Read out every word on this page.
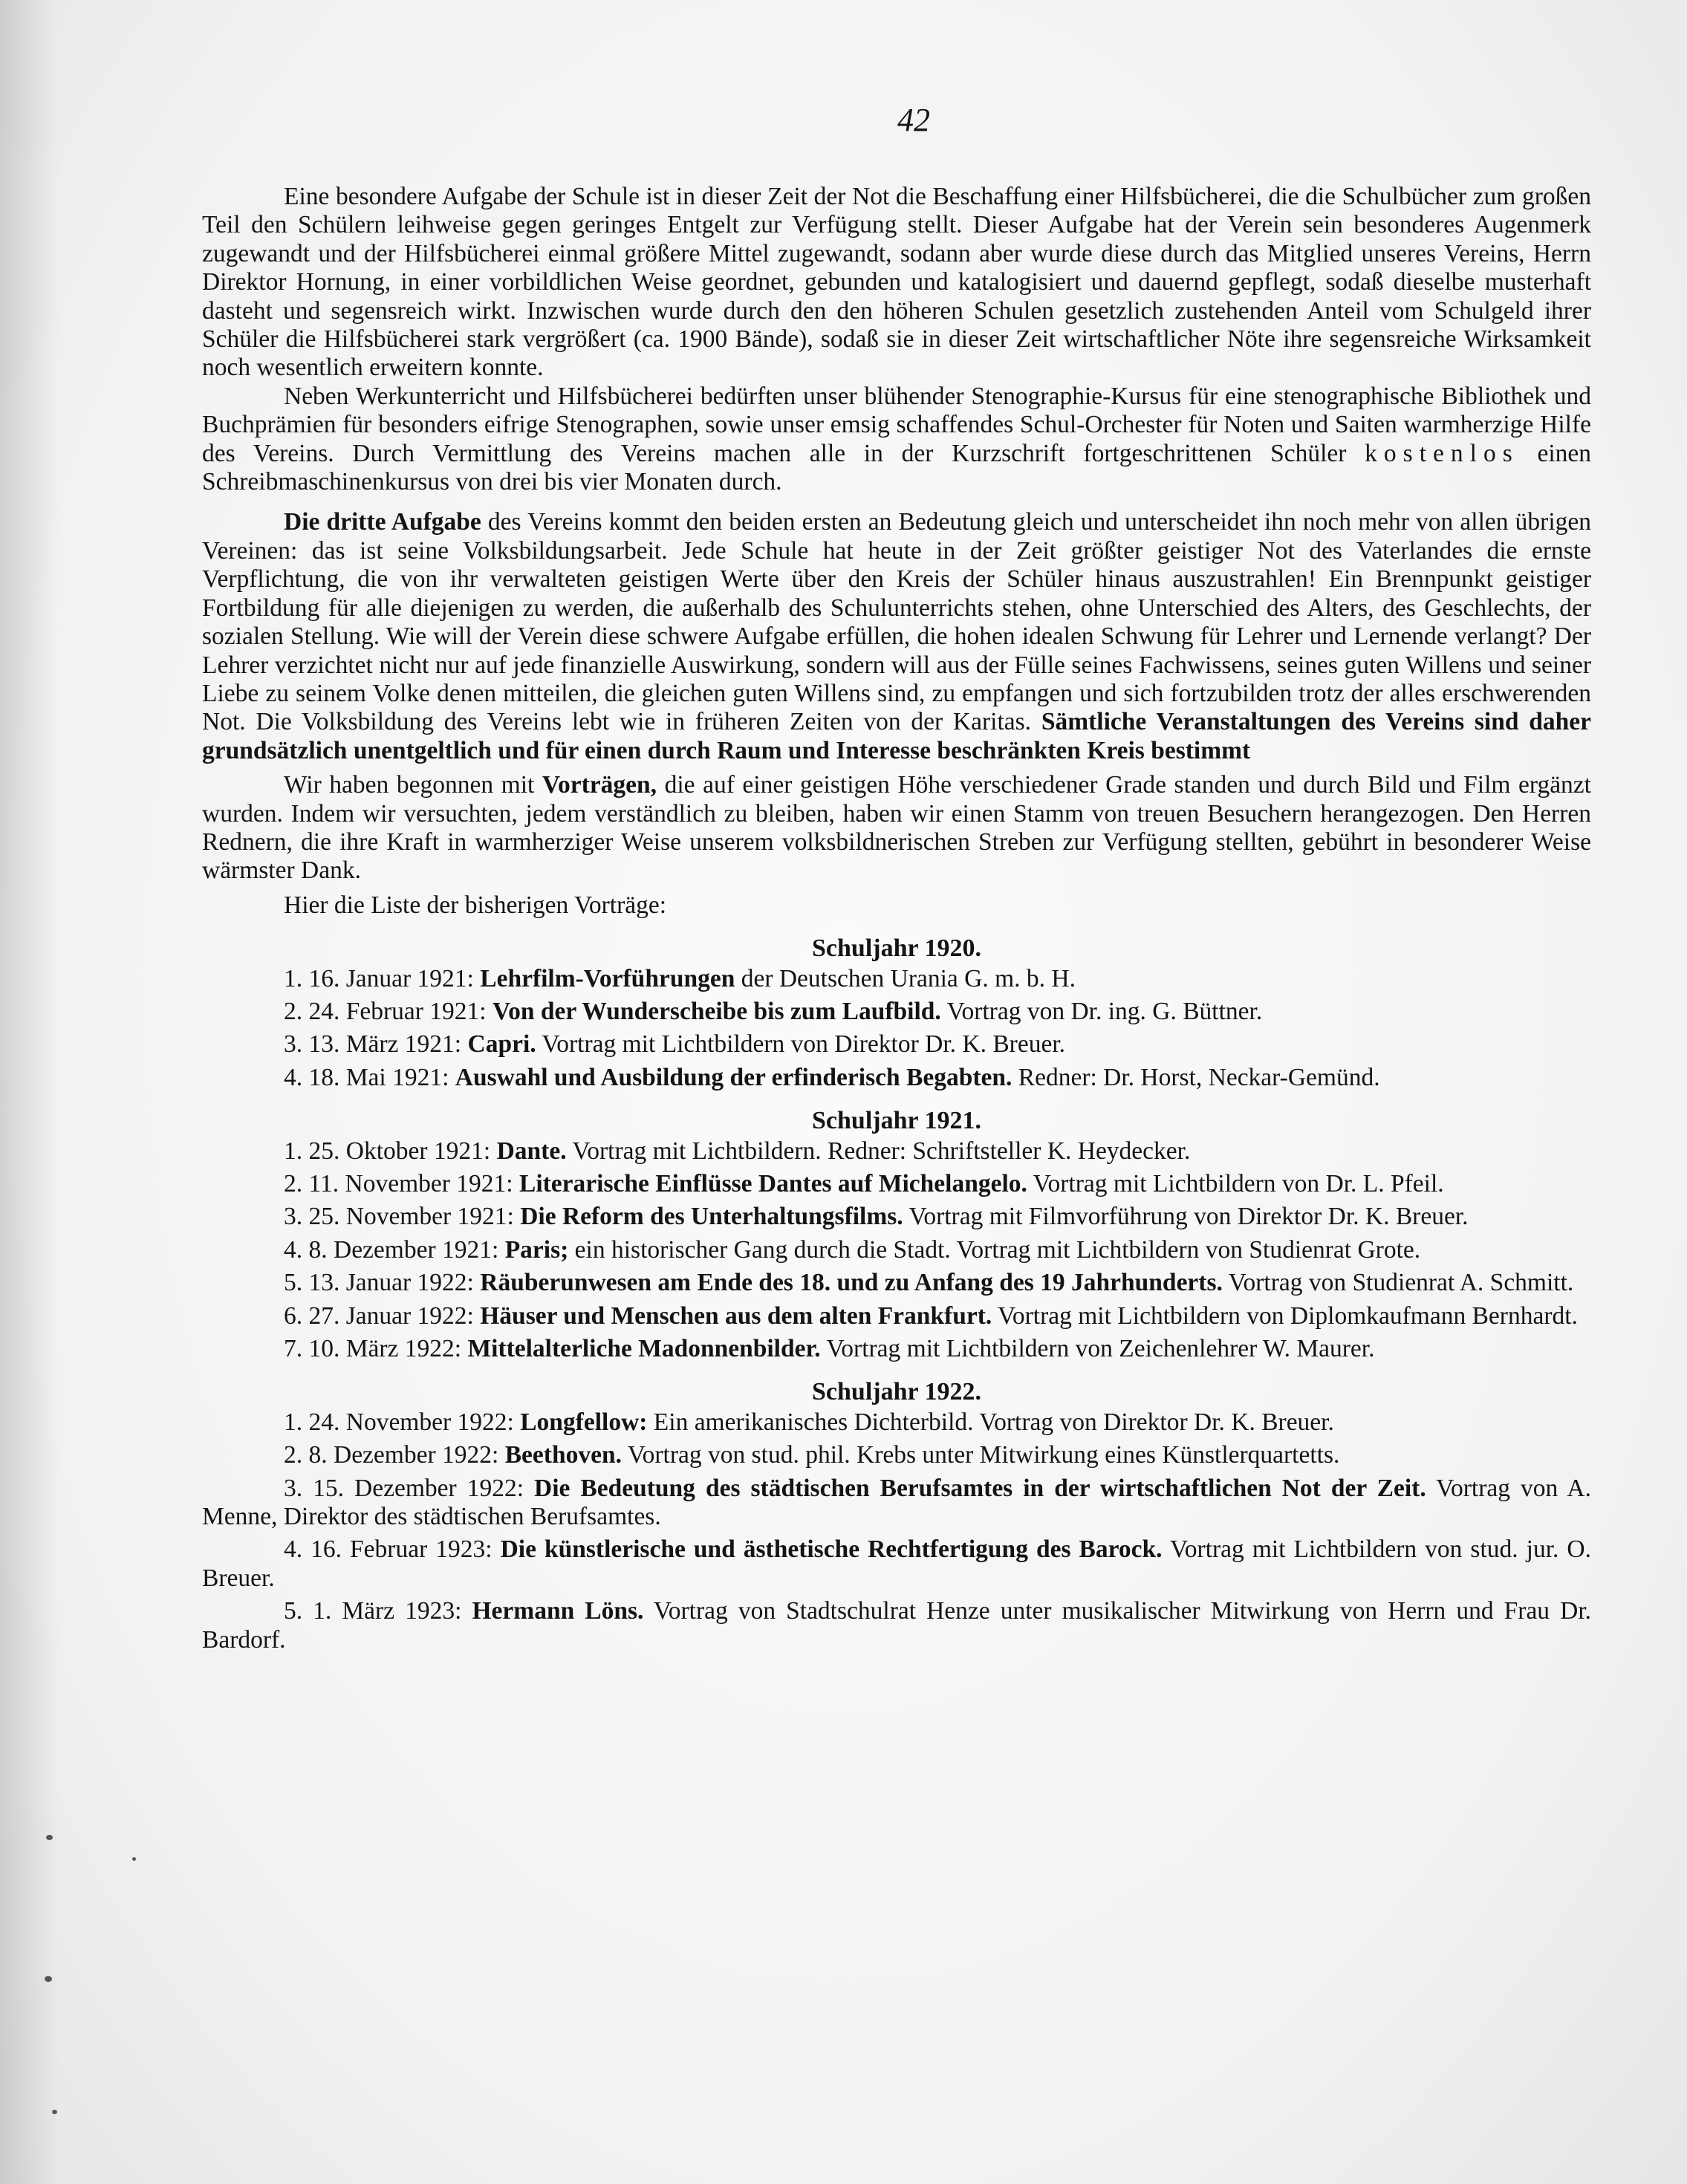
42

Eine besondere Aufgabe der Schule ist in dieser Zeit der Not die Beschaffung einer Hilfsbücherei, die die Schulbücher zum großen Teil den Schülern leihweise gegen geringes Entgelt zur Verfügung stellt. Dieser Aufgabe hat der Verein sein besonderes Augenmerk zugewandt und der Hilfsbücherei einmal größere Mittel zugewandt, sodann aber wurde diese durch das Mitglied unseres Vereins, Herrn Direktor Hornung, in einer vorbildlichen Weise geordnet, gebunden und katalogisiert und dauernd gepflegt, sodaß dieselbe musterhaft dasteht und segensreich wirkt. Inzwischen wurde durch den den höheren Schulen gesetzlich zustehenden Anteil vom Schulgeld ihrer Schüler die Hilfsbücherei stark vergrößert (ca. 1900 Bände), sodaß sie in dieser Zeit wirtschaftlicher Nöte ihre segensreiche Wirksamkeit noch wesentlich erweitern konnte.

Neben Werkunterricht und Hilfsbücherei bedürften unser blühender Stenographie-Kursus für eine stenographische Bibliothek und Buchprämien für besonders eifrige Stenographen, sowie unser emsig schaffendes Schul-Orchester für Noten und Saiten warmherzige Hilfe des Vereins. Durch Vermittlung des Vereins machen alle in der Kurzschrift fortgeschrittenen Schüler kostenlos einen Schreibmaschinenkursus von drei bis vier Monaten durch.

Die dritte Aufgabe des Vereins kommt den beiden ersten an Bedeutung gleich und unterscheidet ihn noch mehr von allen übrigen Vereinen: das ist seine Volksbildungsarbeit. Jede Schule hat heute in der Zeit größter geistiger Not des Vaterlandes die ernste Verpflichtung, die von ihr verwalteten geistigen Werte über den Kreis der Schüler hinaus auszustrahlen! Ein Brennpunkt geistiger Fortbildung für alle diejenigen zu werden, die außerhalb des Schulunterrichts stehen, ohne Unterschied des Alters, des Geschlechts, der sozialen Stellung. Wie will der Verein diese schwere Aufgabe erfüllen, die hohen idealen Schwung für Lehrer und Lernende verlangt? Der Lehrer verzichtet nicht nur auf jede finanzielle Auswirkung, sondern will aus der Fülle seines Fachwissens, seines guten Willens und seiner Liebe zu seinem Volke denen mitteilen, die gleichen guten Willens sind, zu empfangen und sich fortzubilden trotz der alles erschwerenden Not. Die Volksbildung des Vereins lebt wie in früheren Zeiten von der Karitas. Sämtliche Veranstaltungen des Vereins sind daher grundsätzlich unentgeltlich und für einen durch Raum und Interesse beschränkten Kreis bestimmt

Wir haben begonnen mit Vorträgen, die auf einer geistigen Höhe verschiedener Grade standen und durch Bild und Film ergänzt wurden. Indem wir versuchten, jedem verständlich zu bleiben, haben wir einen Stamm von treuen Besuchern herangezogen. Den Herren Rednern, die ihre Kraft in warmherziger Weise unserem volksbildnerischen Streben zur Verfügung stellten, gebührt in besonderer Weise wärmster Dank.

Hier die Liste der bisherigen Vorträge:

Schuljahr 1920.

1. 16. Januar 1921: Lehrfilm-Vorführungen der Deutschen Urania G. m. b. H.

2. 24. Februar 1921: Von der Wunderscheibe bis zum Laufbild. Vortrag von Dr. ing. G. Büttner.

3. 13. März 1921: Capri. Vortrag mit Lichtbildern von Direktor Dr. K. Breuer.

4. 18. Mai 1921: Auswahl und Ausbildung der erfinderisch Begabten. Redner: Dr. Horst, Neckar-Gemünd.

Schuljahr 1921.

1. 25. Oktober 1921: Dante. Vortrag mit Lichtbildern. Redner: Schriftsteller K. Heydecker.

2. 11. November 1921: Literarische Einflüsse Dantes auf Michelangelo. Vortrag mit Lichtbildern von Dr. L. Pfeil.

3. 25. November 1921: Die Reform des Unterhaltungsfilms. Vortrag mit Filmvorführung von Direktor Dr. K. Breuer.

4. 8. Dezember 1921: Paris; ein historischer Gang durch die Stadt. Vortrag mit Lichtbildern von Studienrat Grote.

5. 13. Januar 1922: Räuberunwesen am Ende des 18. und zu Anfang des 19 Jahrhunderts. Vortrag von Studienrat A. Schmitt.

6. 27. Januar 1922: Häuser und Menschen aus dem alten Frankfurt. Vortrag mit Lichtbildern von Diplomkaufmann Bernhardt.

7. 10. März 1922: Mittelalterliche Madonnenbilder. Vortrag mit Lichtbildern von Zeichenlehrer W. Maurer.

Schuljahr 1922.

1. 24. November 1922: Longfellow: Ein amerikanisches Dichterbild. Vortrag von Direktor Dr. K. Breuer.

2. 8. Dezember 1922: Beethoven. Vortrag von stud. phil. Krebs unter Mitwirkung eines Künstlerquartetts.

3. 15. Dezember 1922: Die Bedeutung des städtischen Berufsamtes in der wirtschaftlichen Not der Zeit. Vortrag von A. Menne, Direktor des städtischen Berufsamtes.

4. 16. Februar 1923: Die künstlerische und ästhetische Rechtfertigung des Barock. Vortrag mit Lichtbildern von stud. jur. O. Breuer.

5. 1. März 1923: Hermann Löns. Vortrag von Stadtschulrat Henze unter musikalischer Mitwirkung von Herrn und Frau Dr. Bardorf.
